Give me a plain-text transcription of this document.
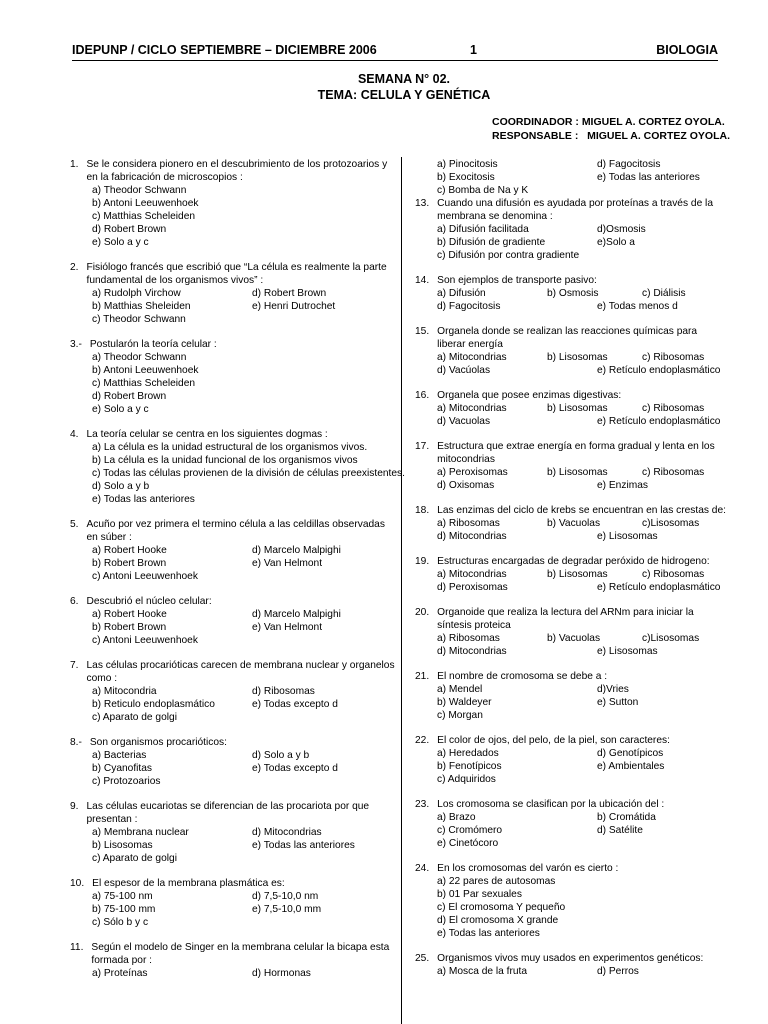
IDEPUNP / CICLO SEPTIEMBRE – DICIEMBRE 2006	1	BIOLOGIA
SEMANA N° 02.
TEMA: CELULA Y GENÉTICA
COORDINADOR : MIGUEL A. CORTEZ OYOLA.
RESPONSABLE :   MIGUEL A. CORTEZ OYOLA.
1. Se le considera pionero en el descubrimiento de los protozoarios y en la fabricación de microscopios :
a) Theodor Schwann
b) Antoni Leeuwenhoek
c) Matthias Scheleiden
d) Robert Brown
e) Solo a y c
2. Fisiólogo francés que escribió que “La célula es realmente la parte fundamental de los organismos vivos” :
a) Rudolph Virchow	d) Robert Brown
b) Matthias Sheleiden	e) Henri Dutrochet
c) Theodor Schwann
3.- Postularón la teoría celular :
a) Theodor Schwann
b) Antoni Leeuwenhoek
c) Matthias Scheleiden
d) Robert Brown
e) Solo a y c
4. La teoría celular se centra en los siguientes dogmas :
a) La célula es la unidad estructural de los organismos vivos.
b) La célula es la unidad funcional de los organismos vivos
c) Todas las células provienen de la división de células preexistentes.
d) Solo a y b
e) Todas las anteriores
5. Acuño por vez primera el termino célula a las celdillas observadas en súber :
a) Robert Hooke	d) Marcelo Malpighi
b) Robert Brown	e) Van Helmont
c) Antoni Leeuwenhoek
6. Descubrió el núcleo celular:
a) Robert Hooke	d) Marcelo Malpighi
b) Robert Brown	e) Van Helmont
c) Antoni Leeuwenhoek
7. Las células procarióticas carecen de membrana nuclear y organelos como :
a) Mitocondria	d) Ribosomas
b) Reticulo endoplasmático	e) Todas excepto d
c) Aparato de golgi
8.- Son organismos procarióticos:
a) Bacterias	d) Solo a y b
b) Cyanofitas	e) Todas excepto d
c) Protozoarios
9. Las células eucariotas se diferencian de las procariota por que presentan :
a) Membrana nuclear	d) Mitocondrias
b) Lisosomas	e) Todas las anteriores
c) Aparato de golgi
10. El espesor de la membrana plasmática es:
a) 75-100 nm	d) 7,5-10,0 nm
b) 75-100 mm	e) 7,5-10,0 mm
c) Sólo b y c
11. Según el modelo de Singer en la membrana celular la bicapa esta formada por :
a) Proteínas	d) Hormonas
a) Pinocitosis	d) Fagocitosis
b) Exocitosis	e) Todas las anteriores
c) Bomba de Na y K
13. Cuando una difusión es ayudada por proteínas a través de la membrana se denomina :
a) Difusión facilitada	d)Osmosis
b) Difusión de gradiente	e)Solo a
c) Difusión por contra gradiente
14. Son ejemplos de transporte pasivo:
a) Difusión	b) Osmosis	c) Diálisis
d) Fagocitosis	e) Todas menos d
15. Organela donde se realizan las reacciones químicas para liberar energía
a) Mitocondrias	b) Lisosomas	c) Ribosomas
d) Vacúolas	e) Retículo endoplasmático
16. Organela que posee enzimas digestivas:
a) Mitocondrias	b) Lisosomas	c) Ribosomas
d) Vacuolas	e) Retículo endoplasmático
17. Estructura que extrae energía en forma gradual y lenta en los mitocondrias
a) Peroxisomas	b) Lisosomas	c) Ribosomas
d) Oxisomas	e) Enzimas
18. Las enzimas del ciclo de krebs se encuentran en las crestas de:
a) Ribosomas	b) Vacuolas	c)Lisosomas
d) Mitocondrias	e) Lisosomas
19. Estructuras encargadas de degradar peróxido de hidrogeno:
a) Mitocondrias	b) Lisosomas	c) Ribosomas
d) Peroxisomas	e) Retículo endoplasmático
20. Organoide que realiza la lectura del ARNm para iniciar la síntesis proteica
a) Ribosomas	b) Vacuolas	c)Lisosomas
d) Mitocondrias	e) Lisosomas
21. El nombre de cromosoma se debe a :
a) Mendel	d)Vries
b) Waldeyer	e) Sutton
c) Morgan
22. El color de ojos, del pelo, de la piel, son caracteres:
a) Heredados	d) Genotípicos
b) Fenotípicos	e) Ambientales
c) Adquiridos
23. Los cromosoma se clasifican por la ubicación del :
a) Brazo	b) Cromátida
c) Cromómero	d) Satélite
e) Cinetócoro
24. En los cromosomas del varón es cierto :
a) 22 pares de autosomas
b) 01 Par sexuales
c) El cromosoma Y pequeño
d) El cromosoma X grande
e) Todas las anteriores
25. Organismos vivos muy usados en experimentos genéticos:
a) Mosca de la fruta	d) Perros
